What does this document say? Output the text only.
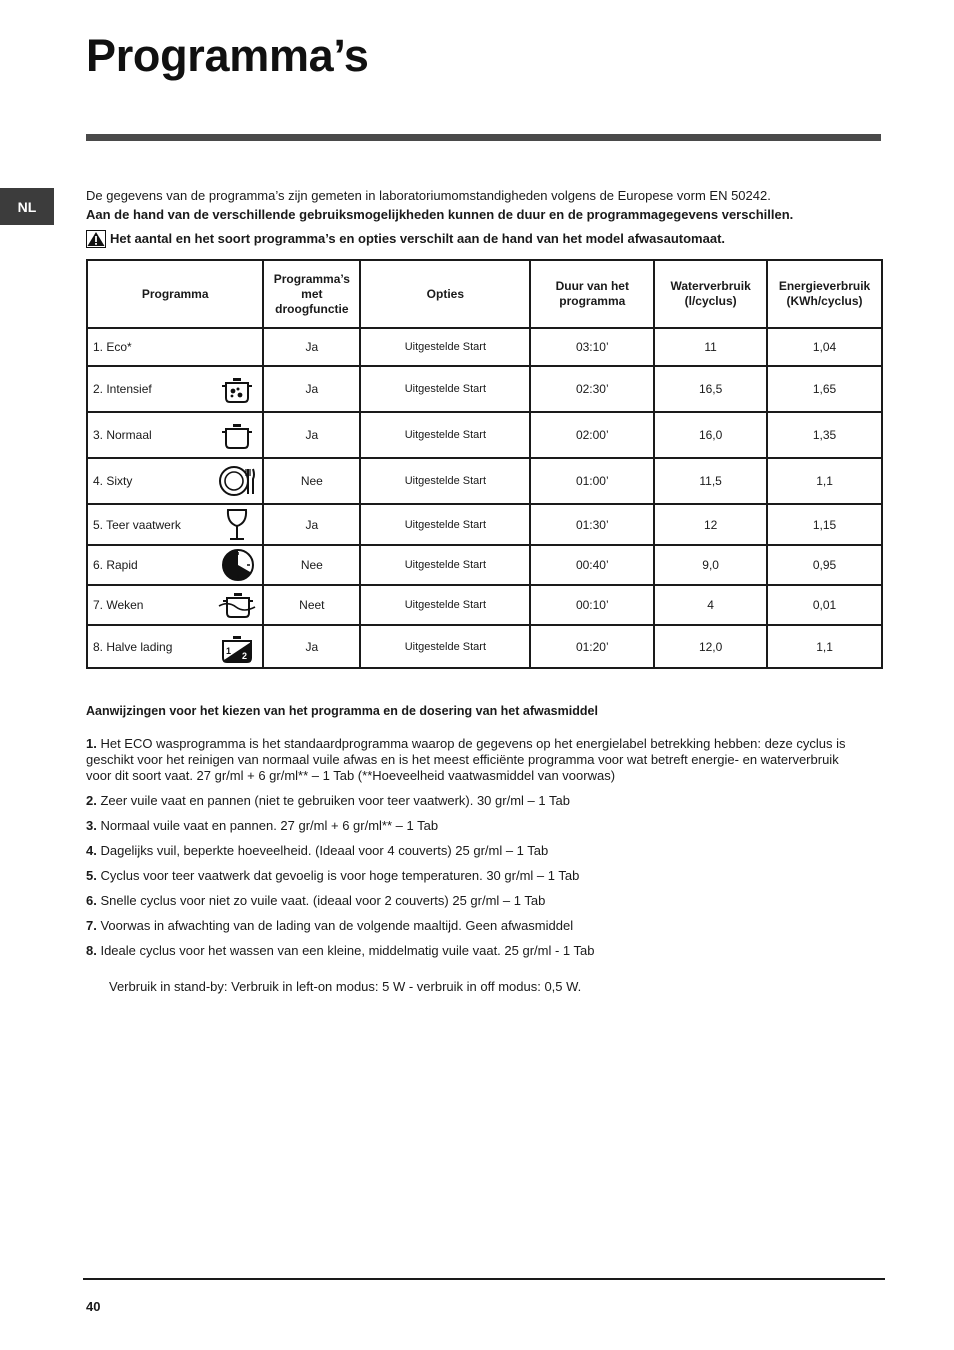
Programma’s
NL

De gegevens van de programma’s zijn gemeten in laboratoriumomstandigheden volgens de Europese vorm EN 50242.

Aan de hand van de verschillende gebruiksmogelijkheden kunnen de duur en de programmagegevens verschillen.

Het aantal en het soort programma’s en opties verschilt aan de hand van het model afwasautomaat.
Programma	Programma’s met droogfunctie	Opties	Duur van het programma	Waterverbruik (l/cyclus)	Energieverbruik (KWh/cyclus)

1. Eco*	Ja	Uitgestelde Start	03:10’	11	1,04

2. Intensief	Ja	Uitgestelde Start	02:30’	16,5	1,65

3. Normaal	Ja	Uitgestelde Start	02:00’	16,0	1,35

4. Sixty	Nee	Uitgestelde Start	01:00’	11,5	1,1

5. Teer vaatwerk	Ja	Uitgestelde Start	01:30’	12	1,15

6. Rapid	Nee	Uitgestelde Start	00:40’	9,0	0,95

7. Weken	Neet	Uitgestelde Start	00:10’	4	0,01

8. Halve lading 1 2	Ja	Uitgestelde Start	01:20’	12,0	1,1
Aanwijzingen voor het kiezen van het programma en de dosering van het afwasmiddel
1. Het ECO wasprogramma is het standaardprogramma waarop de gegevens op het energielabel betrekking hebben: deze cyclus is geschikt voor het reinigen van normaal vuile afwas en is het meest efficiënte programma voor wat betreft energie- en waterverbruik voor dit soort vaat. 27 gr/ml + 6 gr/ml** – 1 Tab (**Hoeveelheid vaatwasmiddel van voorwas)
2. Zeer vuile vaat en pannen (niet te gebruiken voor teer vaatwerk). 30 gr/ml – 1 Tab
3. Normaal vuile vaat en pannen. 27 gr/ml + 6 gr/ml** – 1 Tab
4. Dagelijks vuil, beperkte hoeveelheid. (Ideaal voor 4 couverts) 25 gr/ml – 1 Tab
5. Cyclus voor teer vaatwerk dat gevoelig is voor hoge temperaturen. 30 gr/ml – 1 Tab
6. Snelle cyclus voor niet zo vuile vaat. (ideaal voor 2 couverts) 25 gr/ml – 1 Tab
7. Voorwas in afwachting van de lading van de volgende maaltijd. Geen afwasmiddel
8. Ideale cyclus voor het wassen van een kleine, middelmatig vuile vaat. 25 gr/ml - 1 Tab
Verbruik in stand-by: Verbruik in left-on modus: 5 W - verbruik in off modus: 0,5 W.
40
